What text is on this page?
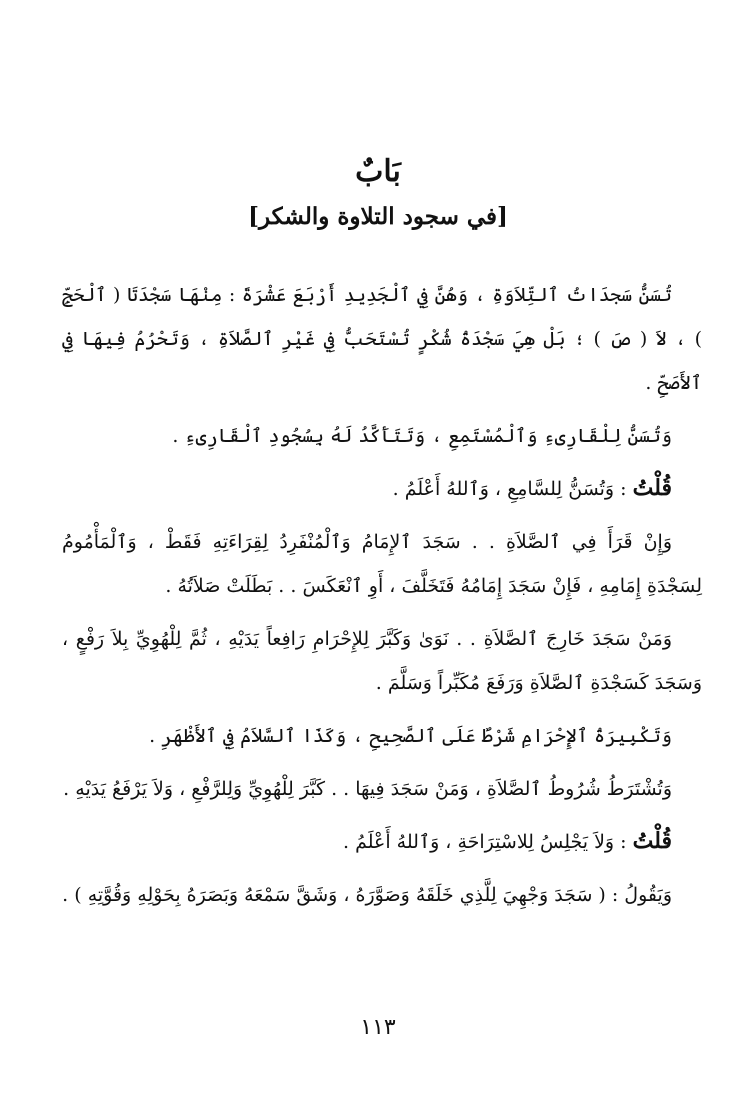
بَابٌ
[في سجود التلاوة والشكر]

تُسَنُّ سَجدَاتُ ٱلتِّلاَوَةِ ، وَهُنَّ فِي ٱلْجَدِيدِ أَرْبَعَ عَشْرَةَ : مِنْهَا سَجْدَتَا ( ٱلْحَجِّ ) ، لاَ ( صَ ) ؛ بَلْ هِيَ سَجْدَةُ شُكْرٍ تُسْتَحَبُّ فِي غَيْرِ ٱلصَّلاَةِ ، وَتَحْرُمُ فِيهَا فِي ٱلأَصَحِّ .

وَتُسَنُّ لِلْقَارِىءِ وَٱلْمُسْتَمِعِ ، وَتَتَأَكَّدُ لَهُ بِسُجُودِ ٱلْقَارِىءِ .

قُلْتُ : وَتُسَنُّ لِلسَّامِعِ ، وَٱللهُ أَعْلَمُ .

وَإِنْ قَرَأَ فِي ٱلصَّلاَةِ . . سَجَدَ ٱلإِمَامُ وَٱلْمُنْفَرِدُ لِقِرَاءَتِهِ فَقَطْ ، وَٱلْمَأْمُومُ لِسَجْدَةِ إِمَامِهِ ، فَإِنْ سَجَدَ إِمَامُهُ فَتَخَلَّفَ ، أَوِ ٱنْعَكَسَ . . بَطَلَتْ صَلاَتُهُ .

وَمَنْ سَجَدَ خَارِجَ ٱلصَّلاَةِ . . نَوَىٰ وَكَبَّرَ لِلإِحْرَامِ رَافِعاً يَدَيْهِ ، ثُمَّ لِلْهُوِيِّ بِلاَ رَفْعٍ ، وَسَجَدَ كَسَجْدَةِ ٱلصَّلاَةِ وَرَفَعَ مُكَبِّراً وَسَلَّمَ .

وَتَكْبِيرَةُ ٱلإِحْرَامِ شَرْطٌ عَلَى ٱلصَّحِيحِ ، وَكَذَا ٱلسَّلاَمُ فِي ٱلأَظْهَرِ .

وَتُشْتَرَطُ شُرُوطُ ٱلصَّلاَةِ ، وَمَنْ سَجَدَ فِيهَا . . كَبَّرَ لِلْهُوِيِّ وَلِلرَّفْعِ ، وَلاَ يَرْفَعُ يَدَيْهِ .

قُلْتُ : وَلاَ يَجْلِسُ لِلاسْتِرَاحَةِ ، وَٱللهُ أَعْلَمُ .

وَيَقُولُ : ( سَجَدَ وَجْهِيَ لِلَّذِي خَلَقَهُ وَصَوَّرَهُ ، وَشَقَّ سَمْعَهُ وَبَصَرَهُ بِحَوْلِهِ وَقُوَّتِهِ ) .

١١٣
